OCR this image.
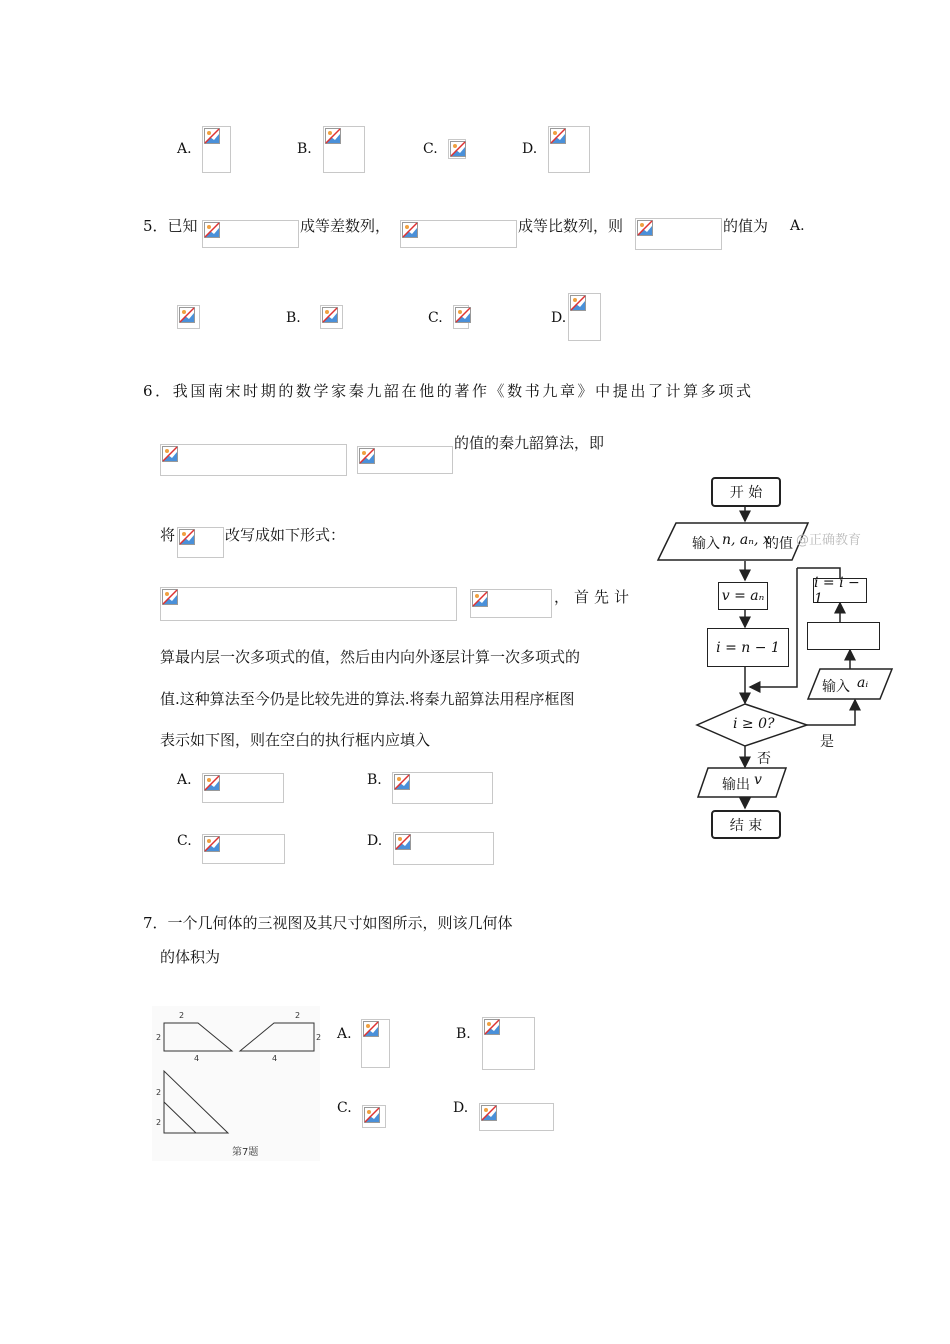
A.	B.	C.	D.
5．已知	成等差数列，	成等比数列，则	的值为 A.
B.	C.	D.
6．我国南宋时期的数学家秦九韶在他的著作《数书九章》中提出了计算多项式
的值的秦九韶算法，即
将	改写成如下形式：
，首先计
算最内层一次多项式的值，然后由内向外逐层计算一次多项式的
值.这种算法至今仍是比较先进的算法.将秦九韶算法用程序框图
表示如下图，则在空白的执行框内应填入
A.	B.
C.	D.
开 始
输入 n, aₙ, x
的值 @正确教育
v = aₙ
i = n − 1
i ≥ 0?
否
是
i = i − 1
输入 aᵢ
输出 v
结 束
7．一个几何体的三视图及其尺寸如图所示，则该几何体
的体积为
2
2
4
2
2
4
2
2
第7题
A.	B.
C.	D.
